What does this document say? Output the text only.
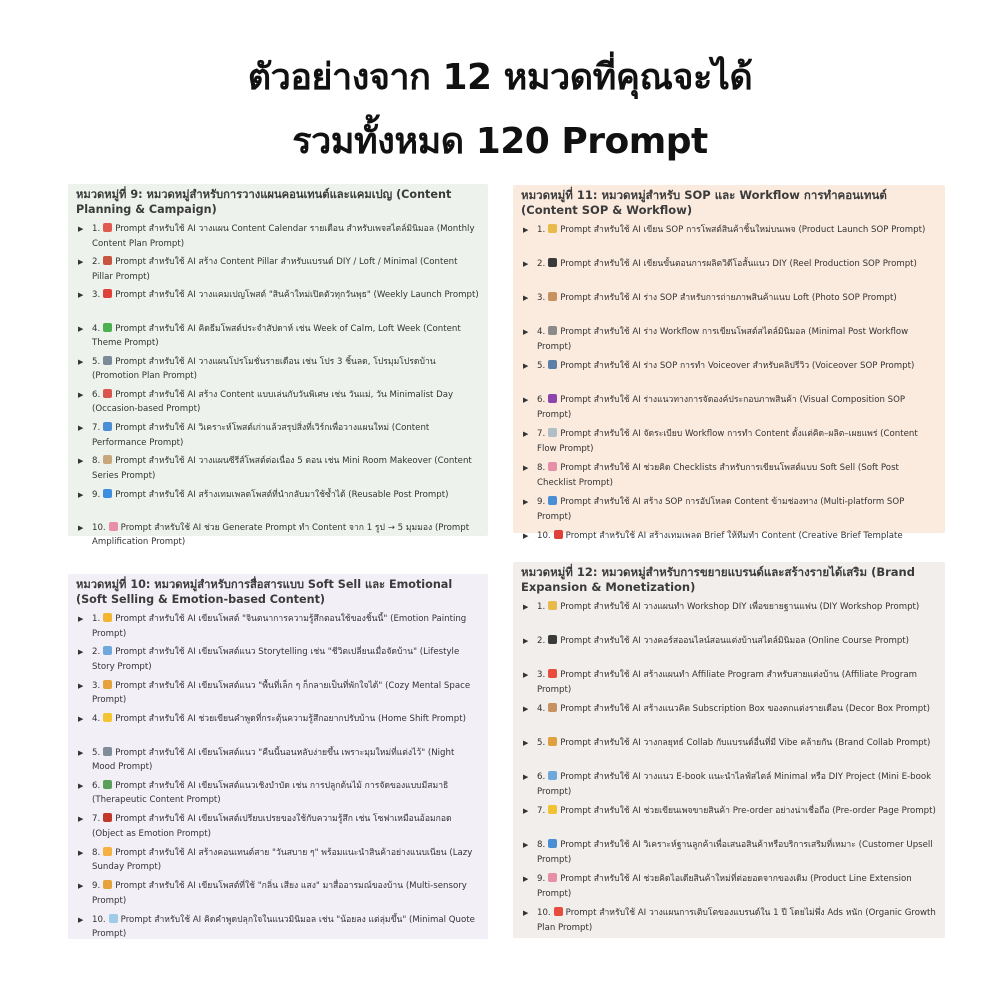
ตัวอย่างจาก 12 หมวดที่คุณจะได้
รวมทั้งหมด 120 Prompt
หมวดหมู่ที่ 9: หมวดหมู่สำหรับการวางแผนคอนเทนต์และแคมเปญ (Content Planning & Campaign)
▶	1. Prompt สำหรับใช้ AI วางแผน Content Calendar รายเดือน สำหรับเพจสไตล์มินิมอล (Monthly Content Plan Prompt)
▶	2. Prompt สำหรับใช้ AI สร้าง Content Pillar สำหรับแบรนด์ DIY / Loft / Minimal (Content Pillar Prompt)
▶	3. Prompt สำหรับใช้ AI วางแคมเปญโพสต์ "สินค้าใหม่เปิดตัวทุกวันพุธ" (Weekly Launch Prompt)
▶	4. Prompt สำหรับใช้ AI คิดธีมโพสต์ประจำสัปดาห์ เช่น Week of Calm, Loft Week (Content Theme Prompt)
▶	5. Prompt สำหรับใช้ AI วางแผนโปรโมชั่นรายเดือน เช่น โปร 3 ชิ้นลด, โปรมุมโปรดบ้าน (Promotion Plan Prompt)
▶	6. Prompt สำหรับใช้ AI สร้าง Content แบบเล่นกับวันพิเศษ เช่น วันแม่, วัน Minimalist Day (Occasion-based Prompt)
▶	7. Prompt สำหรับใช้ AI วิเคราะห์โพสต์เก่าแล้วสรุปสิ่งที่เวิร์กเพื่อวางแผนใหม่ (Content Performance Prompt)
▶	8. Prompt สำหรับใช้ AI วางแผนซีรีส์โพสต์ต่อเนื่อง 5 ตอน เช่น Mini Room Makeover (Content Series Prompt)
▶	9. Prompt สำหรับใช้ AI สร้างเทมเพลตโพสต์ที่นำกลับมาใช้ซ้ำได้ (Reusable Post Prompt)
▶	10. Prompt สำหรับใช้ AI ช่วย Generate Prompt ทำ Content จาก 1 รูป → 5 มุมมอง (Prompt Amplification Prompt)
หมวดหมู่ที่ 11: หมวดหมู่สำหรับ SOP และ Workflow การทำคอนเทนต์ (Content SOP & Workflow)
▶	1. Prompt สำหรับใช้ AI เขียน SOP การโพสต์สินค้าชิ้นใหม่บนเพจ (Product Launch SOP Prompt)
▶	2. Prompt สำหรับใช้ AI เขียนขั้นตอนการผลิตวิดีโอสั้นแนว DIY (Reel Production SOP Prompt)
▶	3. Prompt สำหรับใช้ AI ร่าง SOP สำหรับการถ่ายภาพสินค้าแนบ Loft (Photo SOP Prompt)
▶	4. Prompt สำหรับใช้ AI ร่าง Workflow การเขียนโพสต์สไตล์มินิมอล (Minimal Post Workflow Prompt)
▶	5. Prompt สำหรับใช้ AI ร่าง SOP การทำ Voiceover สำหรับคลิปรีวิว (Voiceover SOP Prompt)
▶	6. Prompt สำหรับใช้ AI ร่างแนวทางการจัดองค์ประกอบภาพสินค้า (Visual Composition SOP Prompt)
▶	7. Prompt สำหรับใช้ AI จัดระเบียบ Workflow การทำ Content ตั้งแต่คิด–ผลิต–เผยแพร่ (Content Flow Prompt)
▶	8. Prompt สำหรับใช้ AI ช่วยคิด Checklists สำหรับการเขียนโพสต์แบบ Soft Sell (Soft Post Checklist Prompt)
▶	9. Prompt สำหรับใช้ AI สร้าง SOP การอัปโหลด Content ข้ามช่องทาง (Multi-platform SOP Prompt)
▶	10. Prompt สำหรับใช้ AI สร้างเทมเพลต Brief ให้ทีมทำ Content (Creative Brief Template
หมวดหมู่ที่ 10: หมวดหมู่สำหรับการสื่อสารแบบ Soft Sell และ Emotional (Soft Selling & Emotion-based Content)
▶	1. Prompt สำหรับใช้ AI เขียนโพสต์ "จินตนาการความรู้สึกตอนใช้ของชิ้นนี้" (Emotion Painting Prompt)
▶	2. Prompt สำหรับใช้ AI เขียนโพสต์แนว Storytelling เช่น "ชีวิตเปลี่ยนเมื่อจัดบ้าน" (Lifestyle Story Prompt)
▶	3. Prompt สำหรับใช้ AI เขียนโพสต์แนว "พื้นที่เล็ก ๆ ก็กลายเป็นที่พักใจได้" (Cozy Mental Space Prompt)
▶	4. Prompt สำหรับใช้ AI ช่วยเขียนคำพูดที่กระตุ้นความรู้สึกอยากปรับบ้าน (Home Shift Prompt)
▶	5. Prompt สำหรับใช้ AI เขียนโพสต์แนว "คืนนี้นอนหลับง่ายขึ้น เพราะมุมใหม่ที่แต่งไว้" (Night Mood Prompt)
▶	6. Prompt สำหรับใช้ AI เขียนโพสต์แนวเชิงบำบัด เช่น การปลูกต้นไม้ การจัดของแบบมีสมาธิ (Therapeutic Content Prompt)
▶	7. Prompt สำหรับใช้ AI เขียนโพสต์เปรียบเปรยของใช้กับความรู้สึก เช่น โซฟาเหมือนอ้อมกอด (Object as Emotion Prompt)
▶	8. Prompt สำหรับใช้ AI สร้างคอนเทนต์สาย "วันสบาย ๆ" พร้อมแนะนำสินค้าอย่างแนบเนียน (Lazy Sunday Prompt)
▶	9. Prompt สำหรับใช้ AI เขียนโพสต์ที่ใช้ "กลิ่น เสียง แสง" มาสื่ออารมณ์ของบ้าน (Multi-sensory Prompt)
▶	10. Prompt สำหรับใช้ AI คิดคำพูดปลุกใจในแนวมินิมอล เช่น "น้อยลง แต่ลุ่มขึ้น" (Minimal Quote Prompt)
หมวดหมู่ที่ 12: หมวดหมู่สำหรับการขยายแบรนด์และสร้างรายได้เสริม (Brand Expansion & Monetization)
▶	1. Prompt สำหรับใช้ AI วางแผนทำ Workshop DIY เพื่อขยายฐานแฟน (DIY Workshop Prompt)
▶	2. Prompt สำหรับใช้ AI วางคอร์สออนไลน์สอนแต่งบ้านสไตล์มินิมอล (Online Course Prompt)
▶	3. Prompt สำหรับใช้ AI สร้างแผนทำ Affiliate Program สำหรับสายแต่งบ้าน (Affiliate Program Prompt)
▶	4. Prompt สำหรับใช้ AI สร้างแนวคิด Subscription Box ของตกแต่งรายเดือน (Decor Box Prompt)
▶	5. Prompt สำหรับใช้ AI วางกลยุทธ์ Collab กับแบรนด์อื่นที่มี Vibe คล้ายกัน (Brand Collab Prompt)
▶	6. Prompt สำหรับใช้ AI วางแนว E-book แนะนำไลฟ์สไตล์ Minimal หรือ DIY Project (Mini E-book Prompt)
▶	7. Prompt สำหรับใช้ AI ช่วยเขียนเพจขายสินค้า Pre-order อย่างน่าเชื่อถือ (Pre-order Page Prompt)
▶	8. Prompt สำหรับใช้ AI วิเคราะห์ฐานลูกค้าเพื่อเสนอสินค้าหรือบริการเสริมที่เหมาะ (Customer Upsell Prompt)
▶	9. Prompt สำหรับใช้ AI ช่วยคิดไอเดียสินค้าใหม่ที่ต่อยอดจากของเดิม (Product Line Extension Prompt)
▶	10. Prompt สำหรับใช้ AI วางแผนการเติบโตของแบรนด์ใน 1 ปี โดยไม่พึ่ง Ads หนัก (Organic Growth Plan Prompt)
